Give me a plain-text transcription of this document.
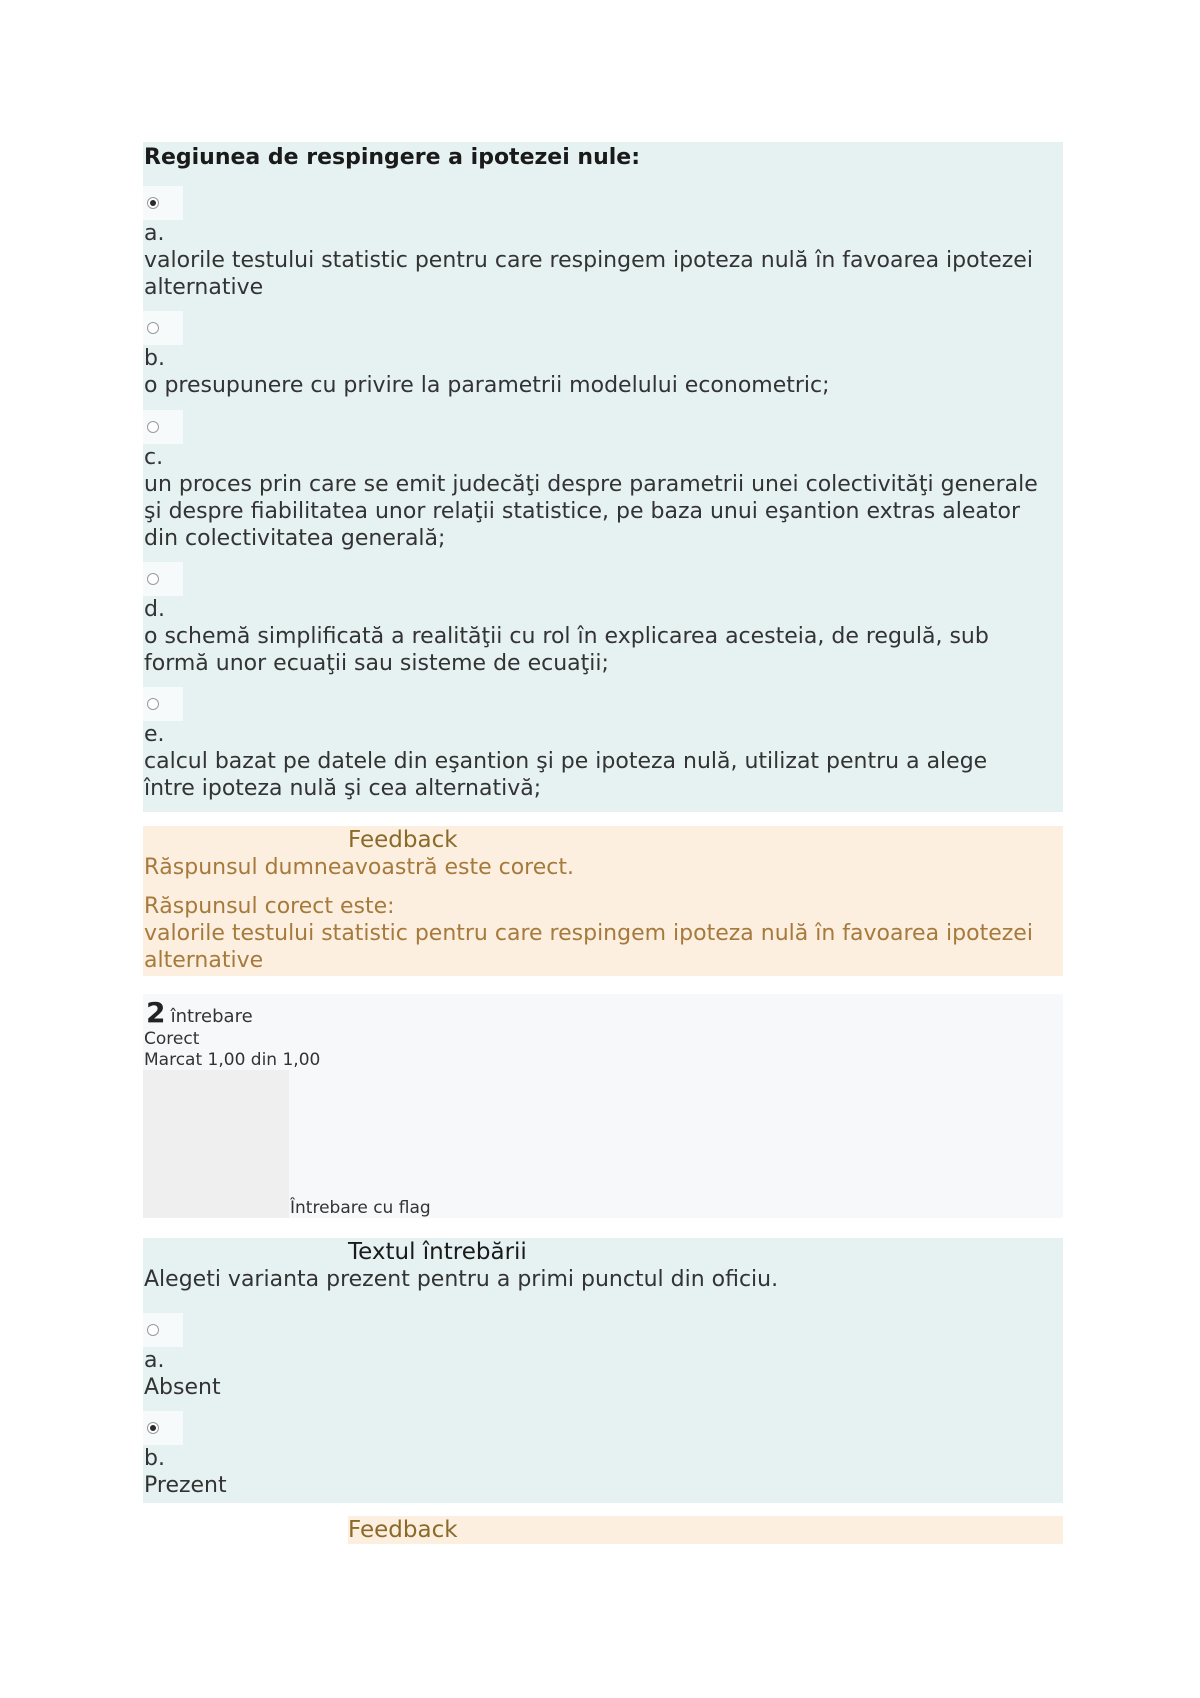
Regiunea de respingere a ipotezei nule:
a.
valorile testului statistic pentru care respingem ipoteza nulă în favoarea ipotezei alternative
b.
o presupunere cu privire la parametrii modelului econometric;
c.
un proces prin care se emit judecăţi despre parametrii unei colectivităţi generale şi despre fiabilitatea unor relaţii statistice, pe baza unui eşantion extras aleator din colectivitatea generală;
d.
o schemă simplificată a realităţii cu rol în explicarea acesteia, de regulă, sub formă unor ecuaţii sau sisteme de ecuaţii;
e.
calcul bazat pe datele din eşantion şi pe ipoteza nulă, utilizat pentru a alege între ipoteza nulă şi cea alternativă;
Feedback
Răspunsul dumneavoastră este corect.
Răspunsul corect este:
valorile testului statistic pentru care respingem ipoteza nulă în favoarea ipotezei alternative
2 întrebare
Corect
Marcat 1,00 din 1,00
Întrebare cu flag
Textul întrebării
Alegeti varianta prezent pentru a primi punctul din oficiu.
a.
Absent
b.
Prezent
Feedback
